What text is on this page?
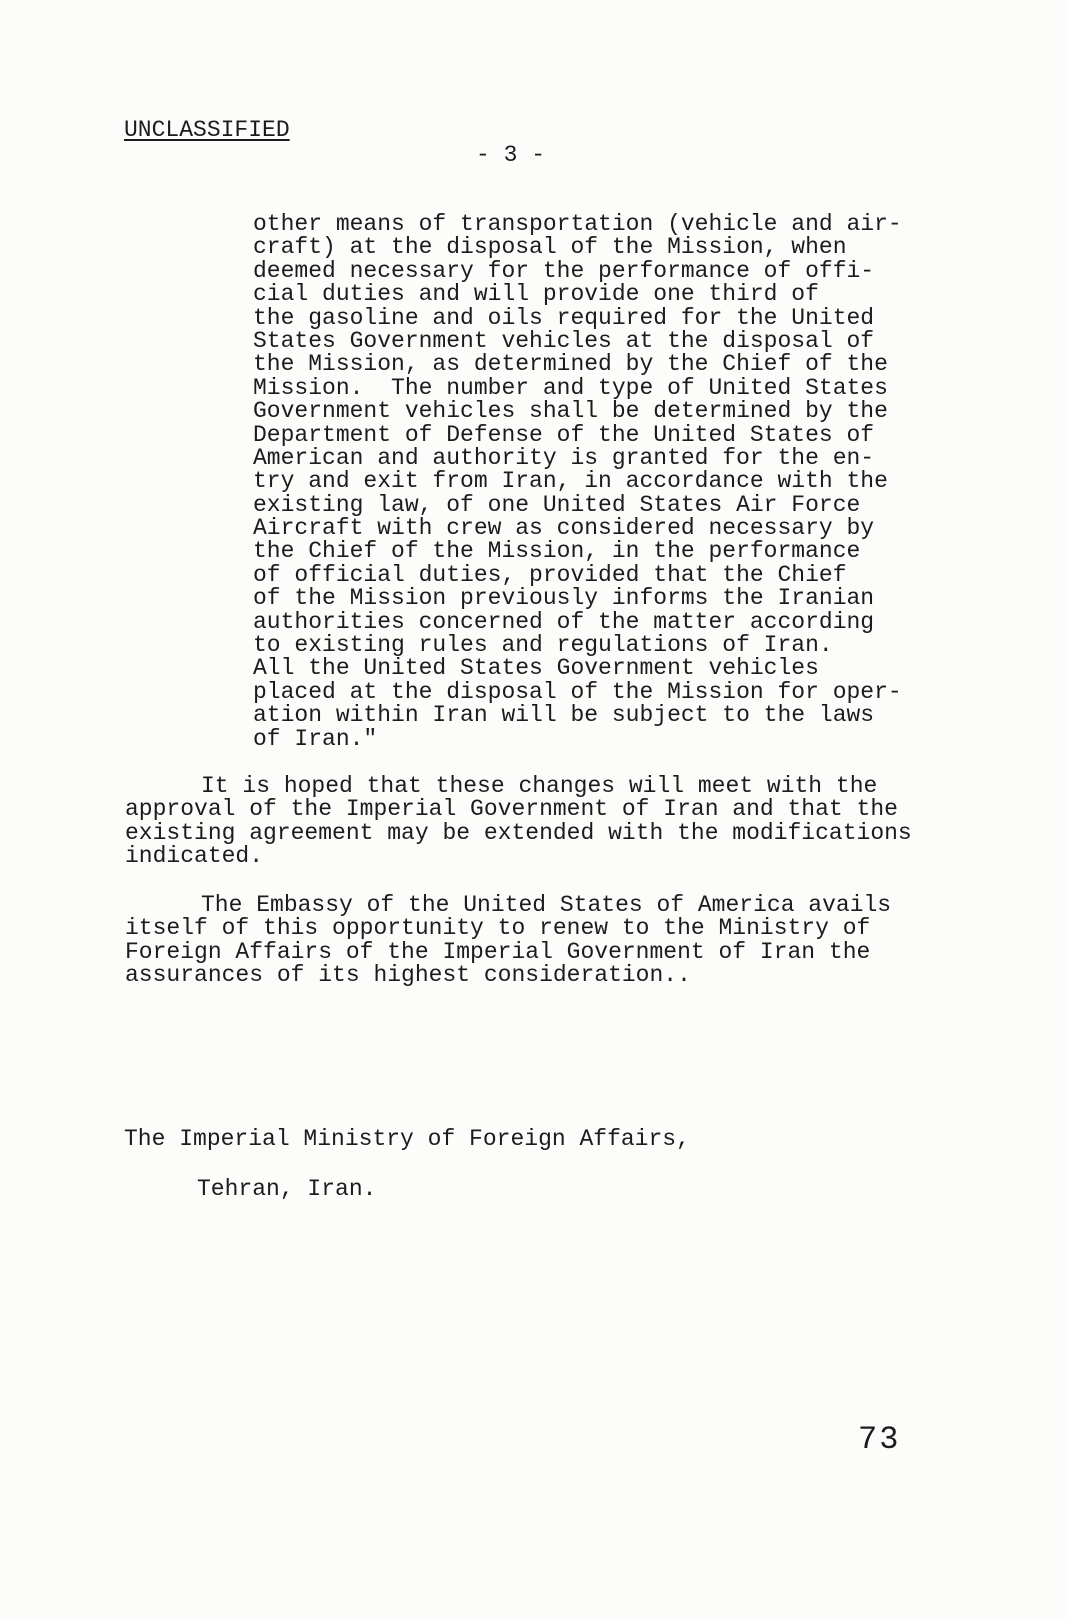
UNCLASSIFIED
- 3 -
other means of transportation (vehicle and air-
craft) at the disposal of the Mission, when
deemed necessary for the performance of offi-
cial duties and will provide one third of
the gasoline and oils required for the United
States Government vehicles at the disposal of
the Mission, as determined by the Chief of the
Mission.  The number and type of United States
Government vehicles shall be determined by the
Department of Defense of the United States of
American and authority is granted for the en-
try and exit from Iran, in accordance with the
existing law, of one United States Air Force
Aircraft with crew as considered necessary by
the Chief of the Mission, in the performance
of official duties, provided that the Chief
of the Mission previously informs the Iranian
authorities concerned of the matter according
to existing rules and regulations of Iran.
All the United States Government vehicles
placed at the disposal of the Mission for oper-
ation within Iran will be subject to the laws
of Iran."
It is hoped that these changes will meet with the
approval of the Imperial Government of Iran and that the
existing agreement may be extended with the modifications
indicated.
The Embassy of the United States of America avails
itself of this opportunity to renew to the Ministry of
Foreign Affairs of the Imperial Government of Iran the
assurances of its highest consideration..
The Imperial Ministry of Foreign Affairs,
Tehran, Iran.
73
